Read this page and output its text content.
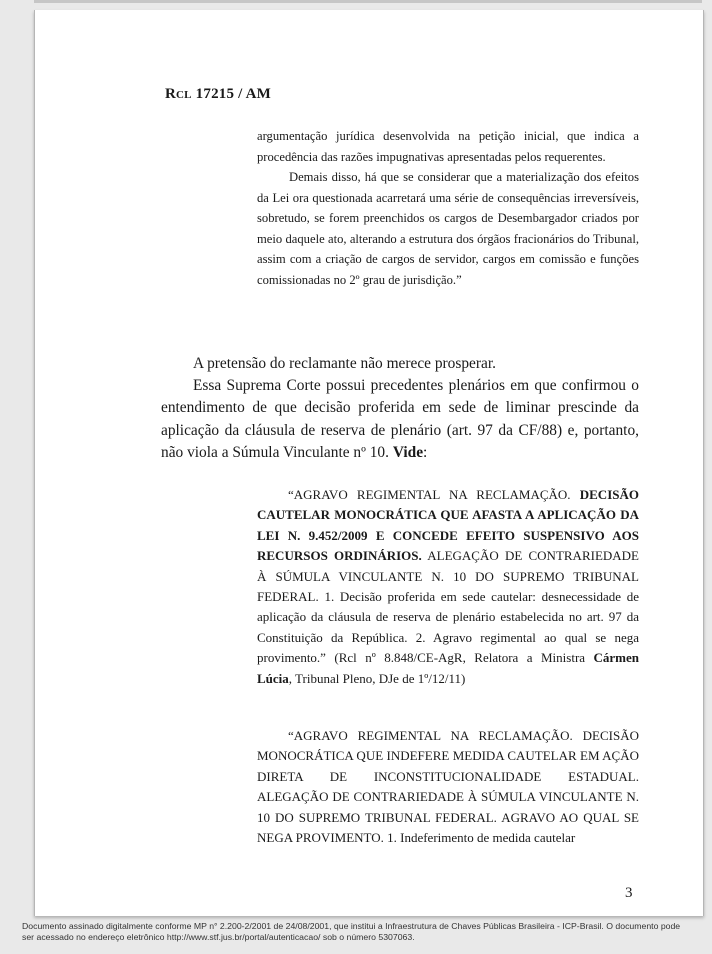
Rcl 17215 / AM

argumentação jurídica desenvolvida na petição inicial, que indica a procedência das razões impugnativas apresentadas pelos requerentes.

Demais disso, há que se considerar que a materialização dos efeitos da Lei ora questionada acarretará uma série de consequências irreversíveis, sobretudo, se forem preenchidos os cargos de Desembargador criados por meio daquele ato, alterando a estrutura dos órgãos fracionários do Tribunal, assim com a criação de cargos de servidor, cargos em comissão e funções comissionadas no 2º grau de jurisdição.”

A pretensão do reclamante não merece prosperar.

Essa Suprema Corte possui precedentes plenários em que confirmou o entendimento de que decisão proferida em sede de liminar prescinde da aplicação da cláusula de reserva de plenário (art. 97 da CF/88) e, portanto, não viola a Súmula Vinculante nº 10. Vide:

“AGRAVO REGIMENTAL NA RECLAMAÇÃO. DECISÃO CAUTELAR MONOCRÁTICA QUE AFASTA A APLICAÇÃO DA LEI N. 9.452/2009 E CONCEDE EFEITO SUSPENSIVO AOS RECURSOS ORDINÁRIOS. ALEGAÇÃO DE CONTRARIEDADE À SÚMULA VINCULANTE N. 10 DO SUPREMO TRIBUNAL FEDERAL. 1. Decisão proferida em sede cautelar: desnecessidade de aplicação da cláusula de reserva de plenário estabelecida no art. 97 da Constituição da República. 2. Agravo regimental ao qual se nega provimento.” (Rcl nº 8.848/CE-AgR, Relatora a Ministra Cármen Lúcia, Tribunal Pleno, DJe de 1º/12/11)

“AGRAVO REGIMENTAL NA RECLAMAÇÃO. DECISÃO MONOCRÁTICA QUE INDEFERE MEDIDA CAUTELAR EM AÇÃO DIRETA DE INCONSTITUCIONALIDADE ESTADUAL. ALEGAÇÃO DE CONTRARIEDADE À SÚMULA VINCULANTE N. 10 DO SUPREMO TRIBUNAL FEDERAL. AGRAVO AO QUAL SE NEGA PROVIMENTO. 1. Indeferimento de medida cautelar

3
Documento assinado digitalmente conforme MP n° 2.200-2/2001 de 24/08/2001, que institui a Infraestrutura de Chaves Públicas Brasileira - ICP-Brasil. O documento pode ser acessado no endereço eletrônico http://www.stf.jus.br/portal/autenticacao/ sob o número 5307063.
